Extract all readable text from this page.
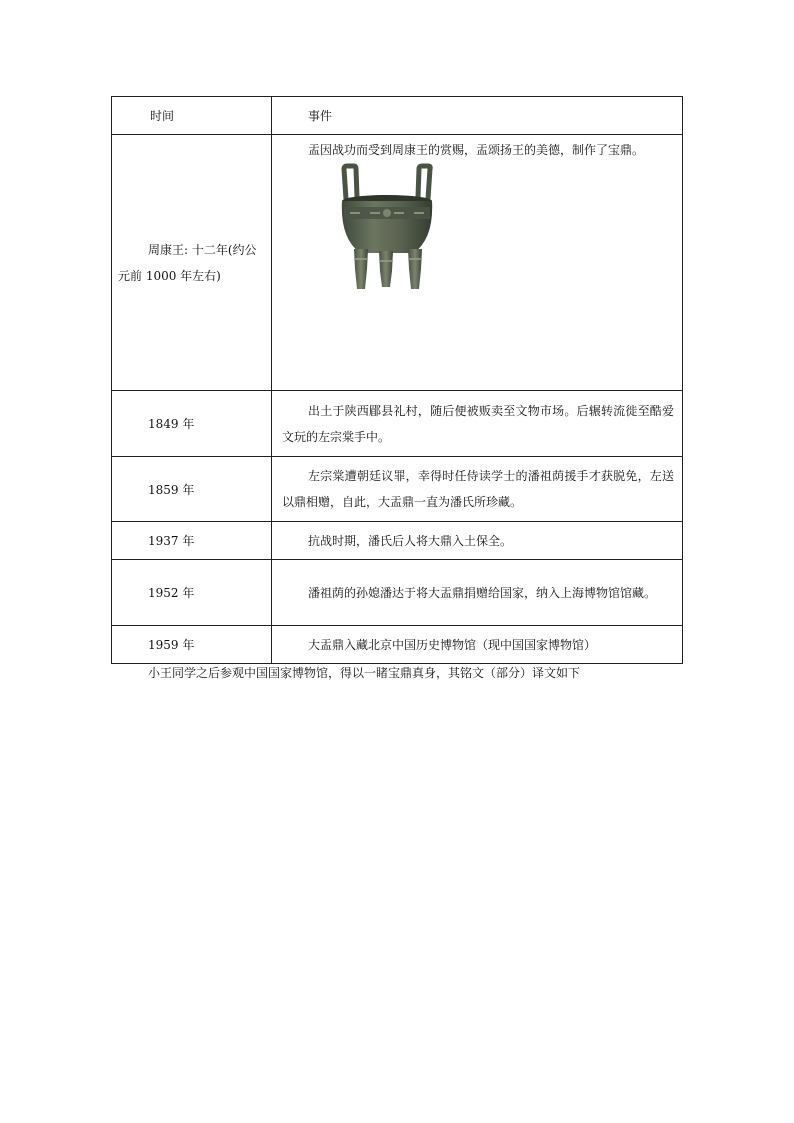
时间	事件
周康王: 十二年(约公元前 1000 年左右)	盂因战功而受到周康王的赏赐，盂颂扬王的美德，制作了宝鼎。

1849 年	出土于陕西郿县礼村，随后便被贩卖至文物市场。后辗转流徙至酷爱文玩的左宗棠手中。
1859 年	左宗棠遭朝廷议罪，幸得时任侍读学士的潘祖荫援手才获脱免，左送以鼎相赠，自此，大盂鼎一直为潘氏所珍藏。
1937 年	抗战时期，潘氏后人将大鼎入土保全。
1952 年	潘祖荫的孙媳潘达于将大盂鼎捐赠给国家，纳入上海博物馆馆藏。
1959 年	大盂鼎入藏北京中国历史博物馆（现中国国家博物馆）
小王同学之后参观中国国家博物馆，得以一睹宝鼎真身，其铭文（部分）译文如下
